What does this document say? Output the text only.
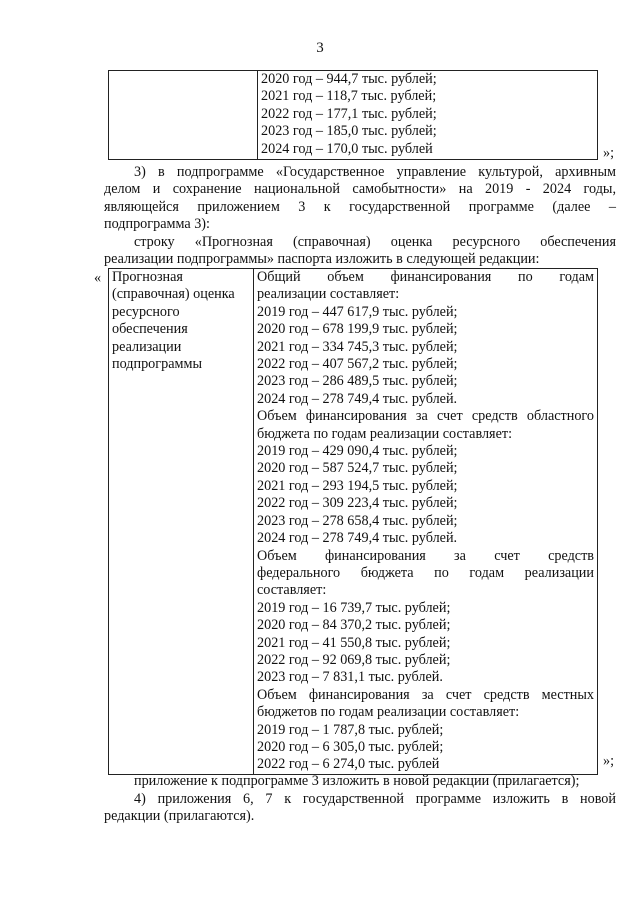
3

2020 год – 944,7 тыс. рублей;
2021 год – 118,7 тыс. рублей;
2022 год – 177,1 тыс. рублей;
2023 год – 185,0 тыс. рублей;
2024 год – 170,0 тыс. рублей	»;
3) в подпрограмме «Государственное управление культурой, архивным
делом и сохранение национальной самобытности» на 2019 - 2024 годы,
являющейся приложением 3 к государственной программе (далее –
подпрограмма 3):
строку «Прогнозная (справочная) оценка ресурсного обеспечения
реализации подпрограммы» паспорта изложить в следующей редакции:
« Прогнозная
(справочная) оценка
ресурсного
обеспечения
реализации
подпрограммы

Общий объем финансирования по годам
реализации составляет:
2019 год – 447 617,9 тыс. рублей;
2020 год – 678 199,9 тыс. рублей;
2021 год – 334 745,3 тыс. рублей;
2022 год – 407 567,2 тыс. рублей;
2023 год – 286 489,5 тыс. рублей;
2024 год – 278 749,4 тыс. рублей.
Объем финансирования за счет средств областного
бюджета по годам реализации составляет:
2019 год – 429 090,4 тыс. рублей;
2020 год – 587 524,7 тыс. рублей;
2021 год – 293 194,5 тыс. рублей;
2022 год – 309 223,4 тыс. рублей;
2023 год – 278 658,4 тыс. рублей;
2024 год – 278 749,4 тыс. рублей.
Объем финансирования за счет средств
федерального бюджета по годам реализации
составляет:
2019 год – 16 739,7 тыс. рублей;
2020 год – 84 370,2 тыс. рублей;
2021 год – 41 550,8 тыс. рублей;
2022 год – 92 069,8 тыс. рублей;
2023 год – 7 831,1 тыс. рублей.
Объем финансирования за счет средств местных
бюджетов по годам реализации составляет:
2019 год – 1 787,8 тыс. рублей;
2020 год – 6 305,0 тыс. рублей;
2022 год – 6 274,0 тыс. рублей	»;
приложение к подпрограмме 3 изложить в новой редакции (прилагается);
4) приложения 6, 7 к государственной программе изложить в новой
редакции (прилагаются).
